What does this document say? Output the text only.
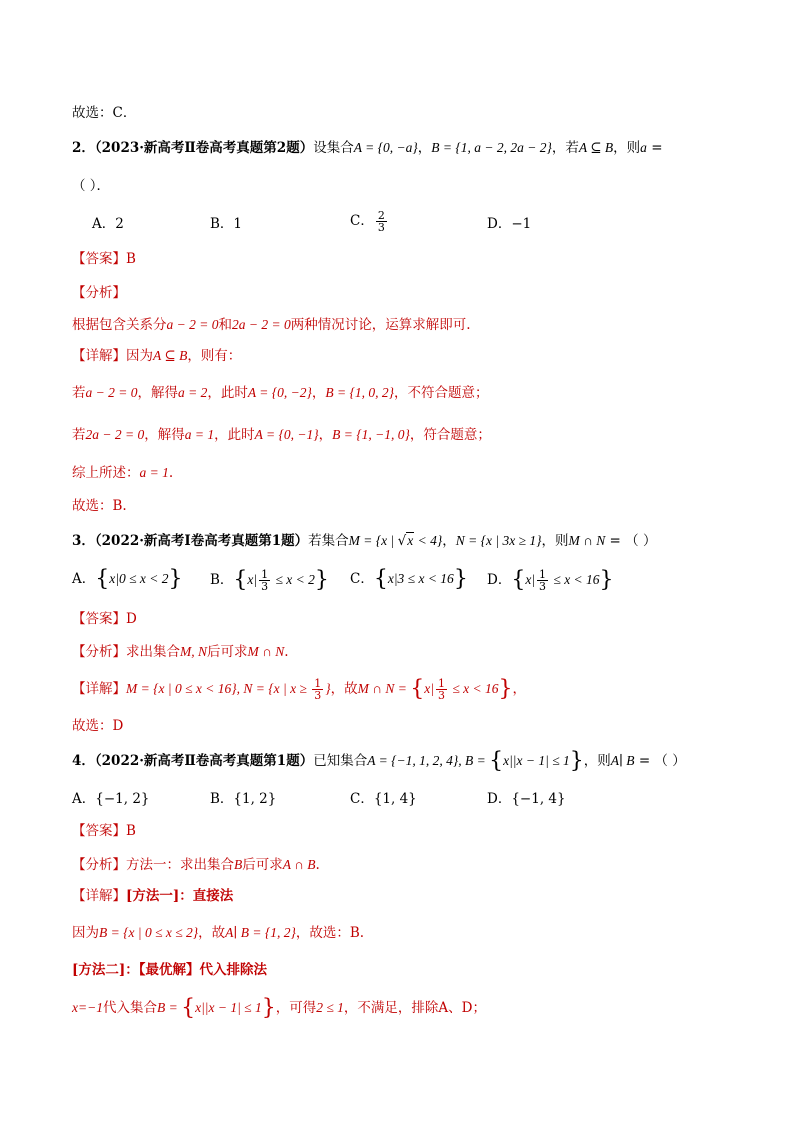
故选：C．
2．（2023·新高考Ⅱ卷高考真题第2题）设集合A = {0, −a}，B = {1, a − 2, 2a − 2}，若A ⊆ B，则a =
（ ）．
A．2	B．1	C． $\frac{2}{3}$	D．−1
【答案】B
【分析】
根据包含关系分a − 2 = 0和2a − 2 = 0两种情况讨论，运算求解即可.
【详解】因为A ⊆ B，则有：
若a − 2 = 0，解得a = 2，此时A = {0, −2}，B = {1, 0, 2}，不符合题意；
若2a − 2 = 0，解得a = 1，此时A = {0, −1}，B = {1, −1, 0}，符合题意；
综上所述：a = 1.
故选：B.
3．（2022·新高考Ⅰ卷高考真题第1题）若集合M = {x | √x < 4}，N = {x | 3x ≥ 1}，则M ∩ N = （ ）
A．{x|0 ≤ x < 2} B．$\{x| \frac{1}{3} \le x < 2\}$ C．{x|3 ≤ x < 16} D．$\{x| \frac{1}{3} \le x < 16\}$
【答案】D
【分析】求出集合M, N后可求M ∩ N.
【详解】M = {x | 0 ≤ x < 16}, N = {x | $x \ge \frac{1}{3}$ }，故M ∩ $N = \{x| \frac{1}{3} \le x < 16\}$，
故选：D
4．（2022·新高考Ⅱ卷高考真题第1题）已知集合A = {−1, 1, 2, 4}, B = {x||x − 1| ≤ 1}，则A∣ B = （ ）
A．{−1, 2}	B．{1, 2}	C．{1, 4}	D．{−1, 4}
【答案】B
【分析】方法一：求出集合B后可求A ∩ B.
【详解】[方法一]：直接法
因为B = {x | 0 ≤ x ≤ 2}，故A∣ B = {1, 2}，故选：B.
[方法二]：【最优解】代入排除法
x=−1代入集合B = {x||x − 1| ≤ 1}，可得2 ≤ 1，不满足，排除A、D；
